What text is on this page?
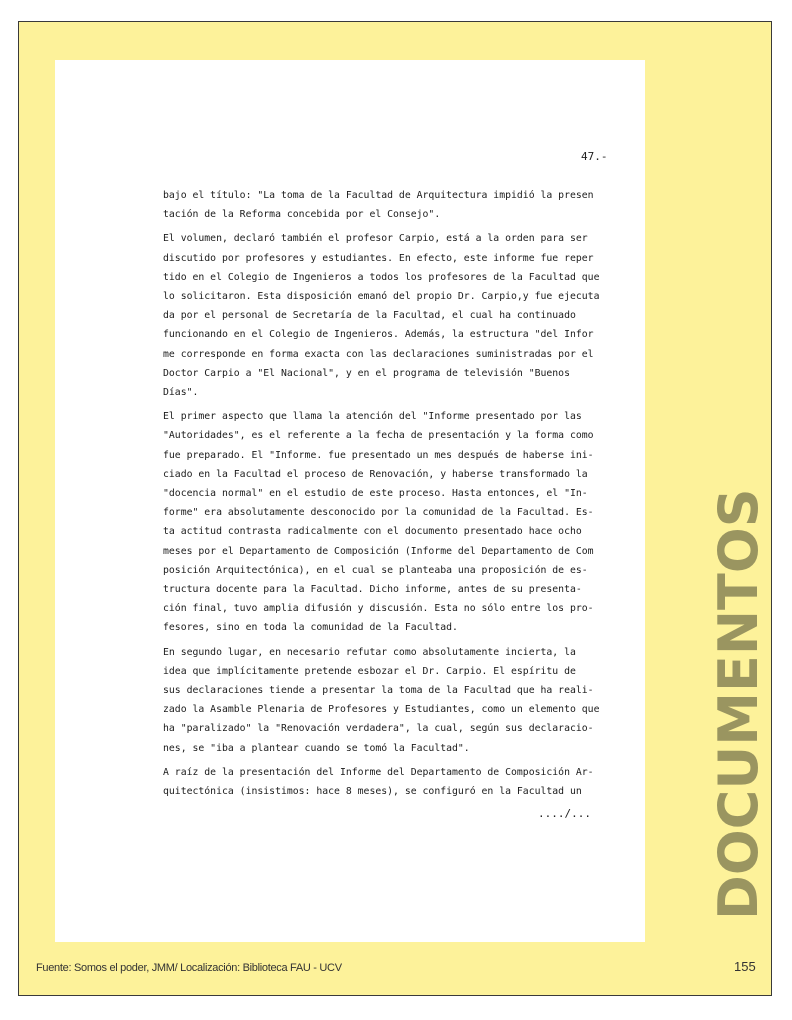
47.-

bajo el título: "La toma de la Facultad de Arquitectura impidió la presen
tación de la Reforma concebida por el Consejo".

El volumen, declaró también el profesor Carpio, está a la orden para ser
discutido por profesores y estudiantes. En efecto, este informe fue reper
tido en el Colegio de Ingenieros a todos los profesores de la Facultad que
lo solicitaron. Esta disposición emanó del propio Dr. Carpio,y fue ejecuta
da por el personal de Secretaría de la Facultad, el cual ha continuado
funcionando en el Colegio de Ingenieros. Además, la estructura "del Infor
me corresponde en forma exacta con las declaraciones suministradas por el
Doctor Carpio a "El Nacional", y en el programa de televisión "Buenos
Días".

El primer aspecto que llama la atención del "Informe presentado por las
"Autoridades", es el referente a la fecha de presentación y la forma como
fue preparado. El "Informe. fue presentado un mes después de haberse ini-
ciado en la Facultad el proceso de Renovación, y haberse transformado la
"docencia normal" en el estudio de este proceso. Hasta entonces, el "In-
forme" era absolutamente desconocido por la comunidad de la Facultad. Es-
ta actitud contrasta radicalmente con el documento presentado hace ocho
meses por el Departamento de Composición (Informe del Departamento de Com
posición Arquitectónica), en el cual se planteaba una proposición de es-
tructura docente para la Facultad. Dicho informe, antes de su presenta-
ción final, tuvo amplia difusión y discusión. Esta no sólo entre los pro-
fesores, sino en toda la comunidad de la Facultad.

En segundo lugar, en necesario refutar como absolutamente incierta, la
idea que implícitamente pretende esbozar el Dr. Carpio. El espíritu de
sus declaraciones tiende a presentar la toma de la Facultad que ha reali-
zado la Asamble Plenaria de Profesores y Estudiantes, como un elemento que
ha "paralizado" la "Renovación verdadera", la cual, según sus declaracio-
nes, se "iba a plantear cuando se tomó la Facultad".

A raíz de la presentación del Informe del Departamento de Composición Ar-
quitectónica (insistimos: hace 8 meses), se configuró en la Facultad un

..../... DOCUMENTOS
Fuente: Somos el poder, JMM/ Localización: Biblioteca FAU - UCV	155
